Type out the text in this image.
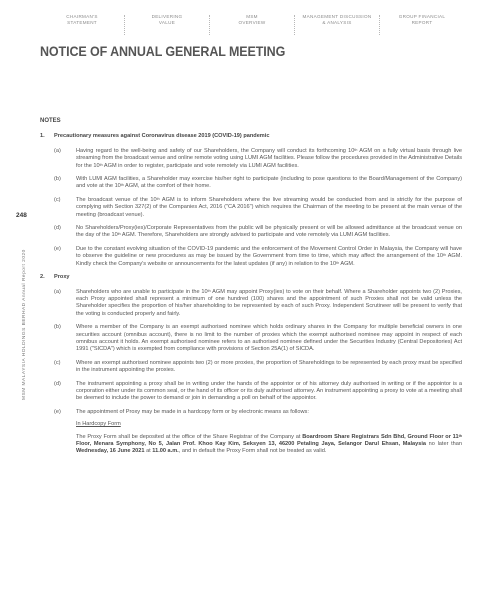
CHAIRMAN'S
STATEMENT
DELIVERING
VALUE
MSM
OVERVIEW
MANAGEMENT DISCUSSION
& ANALYSIS
GROUP FINANCIAL
REPORT
NOTICE OF ANNUAL GENERAL MEETING
248
MSM MALAYSIA HOLDINGS BERHAD Annual Report 2020
NOTES
1.	Precautionary measures against Coronavirus disease 2019 (COVID-19) pandemic
(a)	Having regard to the well-being and safety of our Shareholders, the Company will conduct its forthcoming 10th AGM on a fully virtual basis through live streaming from the broadcast venue and online remote voting using LUMI AGM facilities. Please follow the procedures provided in the Administrative Details for the 10th AGM in order to register, participate and vote remotely via LUMI AGM facilities.
(b)	With LUMI AGM facilities, a Shareholder may exercise his/her right to participate (including to pose questions to the Board/Management of the Company) and vote at the 10th AGM, at the comfort of their home.
(c)	The broadcast venue of the 10th AGM is to inform Shareholders where the live streaming would be conducted from and is strictly for the purpose of complying with Section 327(2) of the Companies Act, 2016 ("CA 2016") which requires the Chairman of the meeting to be present at the main venue of the meeting (broadcast venue).
(d)	No Shareholders/Proxy(ies)/Corporate Representatives from the public will be physically present or will be allowed admittance at the broadcast venue on the day of the 10th AGM. Therefore, Shareholders are strongly advised to participate and vote remotely via LUMI AGM facilities.
(e)	Due to the constant evolving situation of the COVID-19 pandemic and the enforcement of the Movement Control Order in Malaysia, the Company will have to observe the guideline or new procedures as may be issued by the Government from time to time, which may affect the arrangement of the 10th AGM. Kindly check the Company's website or announcements for the latest updates (if any) in relation to the 10th AGM.
2.	Proxy
(a)	Shareholders who are unable to participate in the 10th AGM may appoint Proxy(ies) to vote on their behalf. Where a Shareholder appoints two (2) Proxies, each Proxy appointed shall represent a minimum of one hundred (100) shares and the appointment of such Proxies shall not be valid unless the Shareholder specifies the proportion of his/her shareholding to be represented by each of such Proxy. Independent Scrutineer will be present to verify that the voting is conducted properly and fairly.
(b)	Where a member of the Company is an exempt authorised nominee which holds ordinary shares in the Company for multiple beneficial owners in one securities account (omnibus account), there is no limit to the number of proxies which the exempt authorised nominee may appoint in respect of each omnibus account it holds. An exempt authorised nominee refers to an authorised nominee defined under the Securities Industry (Central Depositories) Act 1991 ("SICDA") which is exempted from compliance with provisions of Section 25A(1) of SICDA.
(c)	Where an exempt authorised nominee appoints two (2) or more proxies, the proportion of Shareholdings to be represented by each proxy must be specified in the instrument appointing the proxies.
(d)	The instrument appointing a proxy shall be in writing under the hands of the appointor or of his attorney duly authorised in writing or if the appointor is a corporation either under its common seal, or the hand of its officer or its duly authorised attorney. An instrument appointing a proxy to vote at a meeting shall be deemed to include the power to demand or join in demanding a poll on behalf of the appointor.
(e)	The appointment of Proxy may be made in a hardcopy form or by electronic means as follows:
In Hardcopy Form
The Proxy Form shall be deposited at the office of the Share Registrar of the Company at Boardroom Share Registrars Sdn Bhd, Ground Floor or 11th Floor, Menara Symphony, No 5, Jalan Prof. Khoo Kay Kim, Seksyen 13, 46200 Petaling Jaya, Selangor Darul Ehsan, Malaysia no later than Wednesday, 16 June 2021 at 11.00 a.m., and in default the Proxy Form shall not be treated as valid.
